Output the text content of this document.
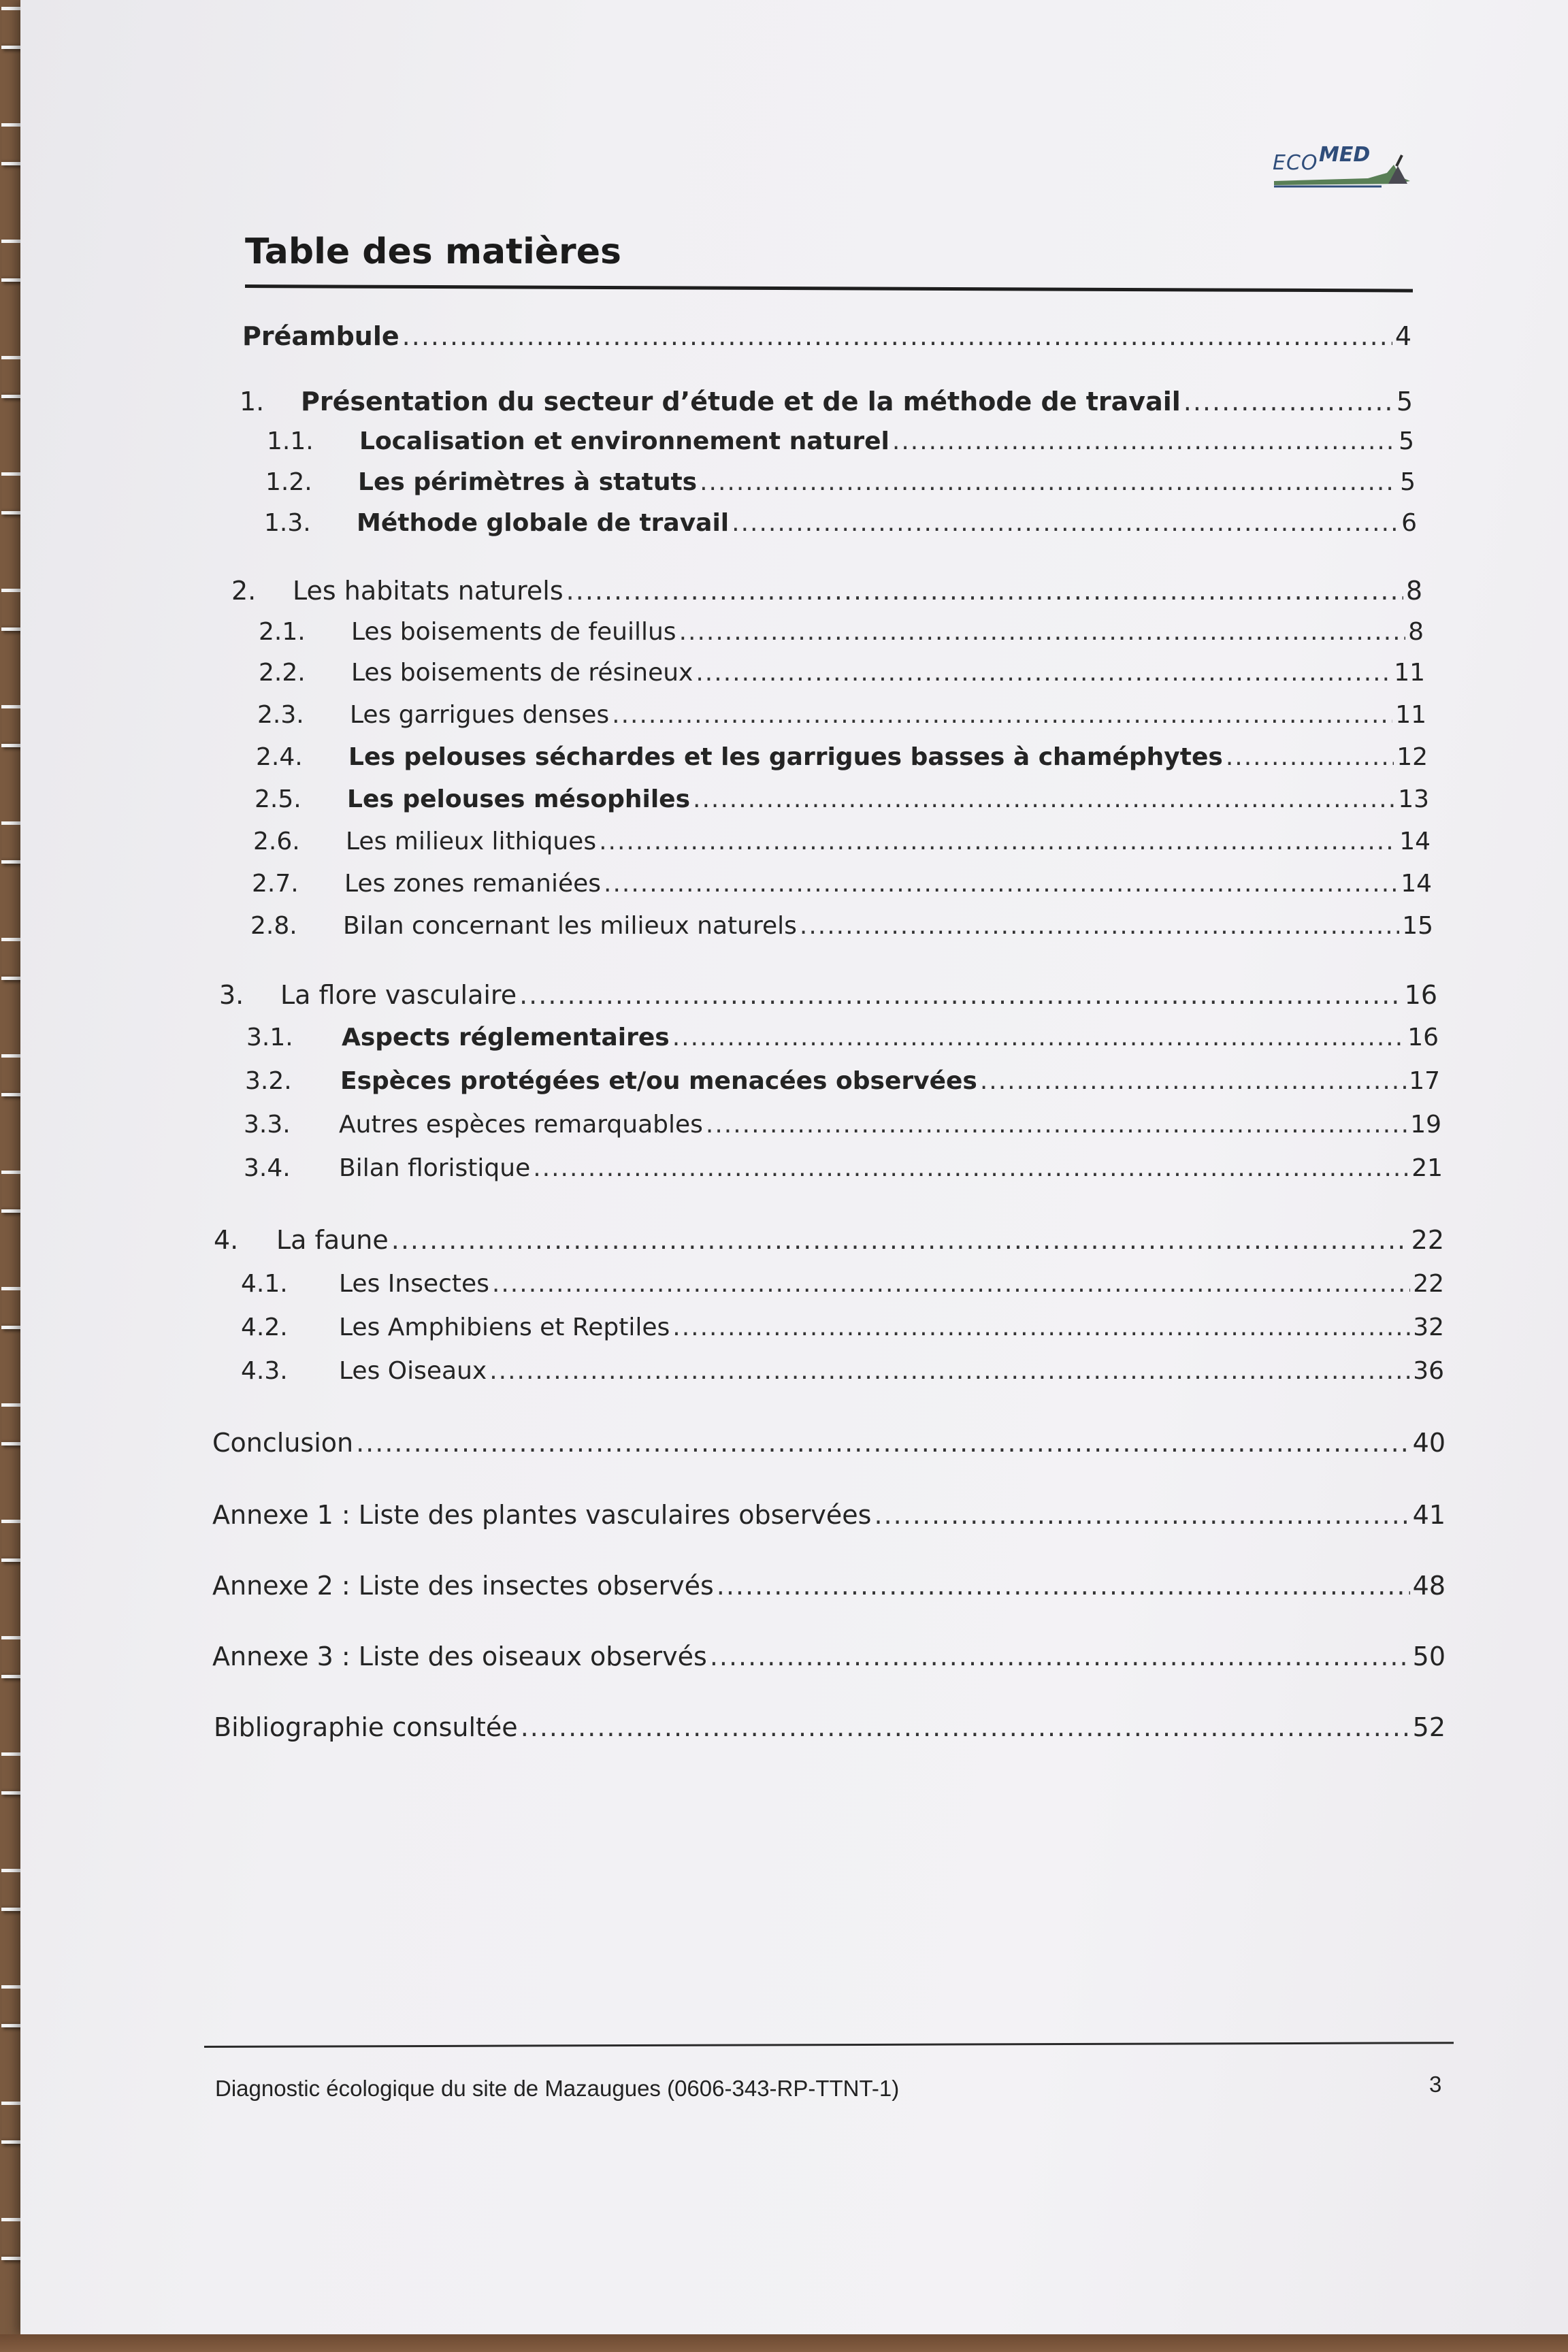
ECO MED
Table des matières
Préambule .....	4
1.	Présentation du secteur d’étude et de la méthode de travail .....	5
1.1.	Localisation et environnement naturel .....	5
1.2.	Les périmètres à statuts .....	5
1.3.	Méthode globale de travail .....	6
2.	Les habitats naturels .....	8
2.1.	Les boisements de feuillus .....	8
2.2.	Les boisements de résineux .....	11
2.3.	Les garrigues denses .....	11
2.4.	Les pelouses séchardes et les garrigues basses à chaméphytes .....	12
2.5.	Les pelouses mésophiles .....	13
2.6.	Les milieux lithiques .....	14
2.7.	Les zones remaniées .....	14
2.8.	Bilan concernant les milieux naturels .....	15
3.	La flore vasculaire .....	16
3.1.	Aspects réglementaires .....	16
3.2.	Espèces protégées et/ou menacées observées .....	17
3.3.	Autres espèces remarquables .....	19
3.4.	Bilan floristique .....	21
4.	La faune .....	22
4.1.	Les Insectes .....	22
4.2.	Les Amphibiens et Reptiles .....	32
4.3.	Les Oiseaux .....	36
Conclusion .....	40
Annexe 1 : Liste des plantes vasculaires observées .....	41
Annexe 2 : Liste des insectes observés .....	48
Annexe 3 : Liste des oiseaux observés .....	50
Bibliographie consultée .....	52
Diagnostic écologique du site de Mazaugues (0606-343-RP-TTNT-1)	3
